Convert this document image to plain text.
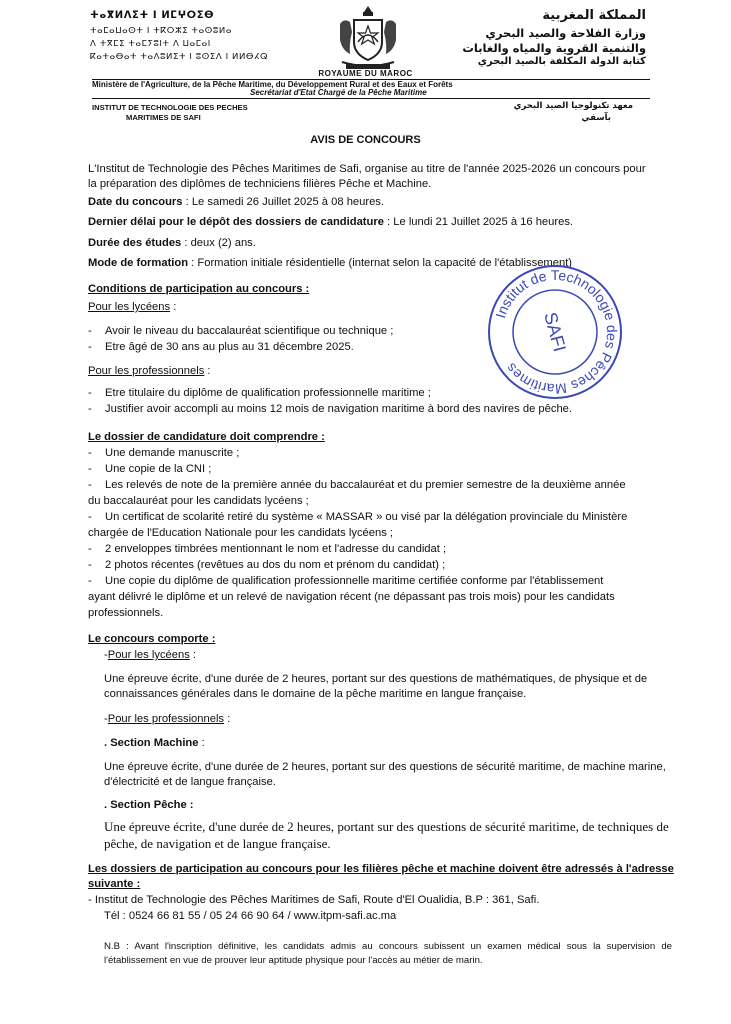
ⵜⴰⴳⵍⴷⵉⵜ ⵏ ⵍⵎⵖⵔⵉⴱ
ⵜⴰⵎⴰⵡⴰⵙⵜ ⵏ ⵜⴽⵔⵣⵉ ⵜⴰⵙⵓⵍⴰ
ⴷ ⵜⴳⵎⵉ ⵜⴰⵎⵢⵓⵏⵜ ⴷ ⵡⴰⵎⴰⵏ
ⴽⴰⵜⴰⴱⴰⵜ ⵜⴰⴷⵓⵍⵉⵜ ⵏ ⵓⵙⵉⴷ ⵏ ⵍⵍⴱⵃⵕ
المملكة المغربية
وزارة الفلاحة والصيد البحري
والتنمية القروية والمياه والغابات
كتابة الدولة المكلفة بالصيد البحري
ROYAUME DU MAROC
Ministère de l'Agriculture, de la Pêche Maritime, du Développement Rural et des Eaux et Forêts
Secrétariat d'Etat Chargé de la Pêche Maritime
INSTITUT DE TECHNOLOGIE DES PECHES
MARITIMES DE SAFI
معهد تكنولوجيا الصيد البحري
بآسفي
AVIS DE CONCOURS
L'Institut de Technologie des Pêches Maritimes de Safi, organise au titre de l'année 2025-2026 un concours pour la préparation des diplômes de techniciens filières Pêche et Machine.
Date du concours : Le samedi 26 Juillet 2025 à 08 heures.
Dernier délai pour le dépôt des dossiers de candidature : Le lundi 21 Juillet 2025 à 16 heures.
Durée des études : deux (2) ans.
Mode de formation : Formation initiale résidentielle (internat selon la capacité de l'établissement)
Conditions de participation au concours :
Pour les lycéens :
- Avoir le niveau du baccalauréat scientifique ou technique ;
- Etre âgé de 30 ans au plus au 31 décembre 2025.
Pour les professionnels :
- Etre titulaire du diplôme de qualification professionnelle maritime ;
- Justifier avoir accompli au moins 12 mois de navigation maritime à bord des navires de pêche.
Institut de Technologie des Pêches Maritimes
SAFI
Le dossier de candidature doit comprendre :
- Une demande manuscrite ;
- Une copie de la CNI ;
- Les relevés de note de la première année du baccalauréat et du premier semestre de la deuxième année
du baccalauréat pour les candidats lycéens ;
- Un certificat de scolarité retiré du système « MASSAR » ou visé par la délégation provinciale du Ministère
chargée de l'Education Nationale pour les candidats lycéens ;
- 2 enveloppes timbrées mentionnant le nom et l'adresse du candidat ;
- 2 photos récentes (revêtues au dos du nom et prénom du candidat) ;
- Une copie du diplôme de qualification professionnelle maritime certifiée conforme par l'établissement
ayant délivré le diplôme et un relevé de navigation récent (ne dépassant pas trois mois) pour les candidats
professionnels.
Le concours comporte :
-Pour les lycéens :
Une épreuve écrite, d'une durée de 2 heures, portant sur des questions de mathématiques, de physique et de connaissances générales dans le domaine de la pêche maritime en langue française.
-Pour les professionnels :
. Section Machine :
Une épreuve écrite, d'une durée de 2 heures, portant sur des questions de sécurité maritime, de machine marine, d'électricité et de langue française.
. Section Pêche :
Une épreuve écrite, d'une durée de 2 heures, portant sur des questions de sécurité maritime, de techniques de pêche, de navigation et de langue française.
Les dossiers de participation au concours pour les filières pêche et machine doivent être adressés à l'adresse suivante :
- Institut de Technologie des Pêches Maritimes de Safi, Route d'El Oualidia, B.P : 361, Safi.
Tél : 0524 66 81 55 / 05 24 66 90 64 / www.itpm-safi.ac.ma
N.B : Avant l'inscription définitive, les candidats admis au concours subissent un examen médical sous la supervision de l'établissement en vue de prouver leur aptitude physique pour l'accès au métier de marin.
